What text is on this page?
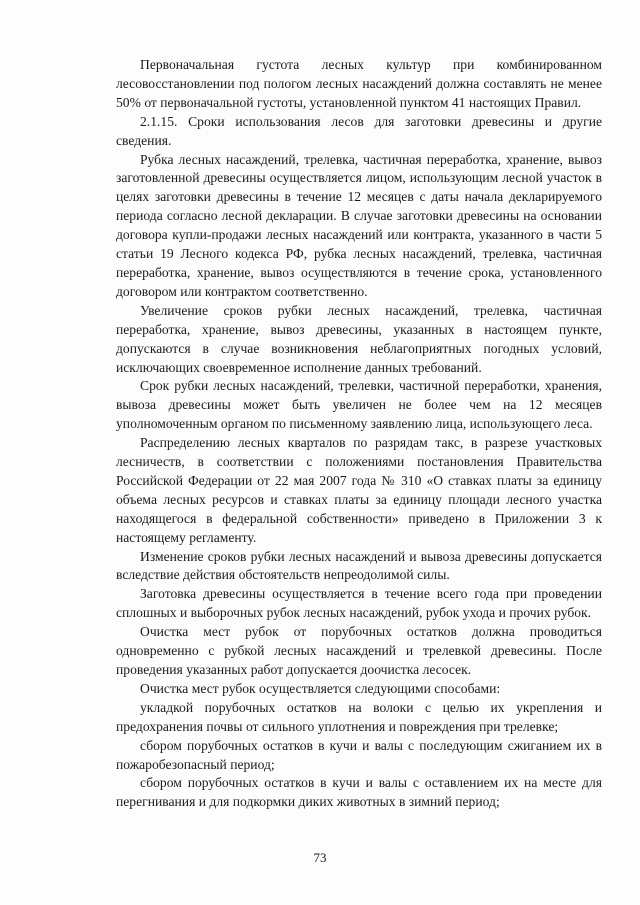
Первоначальная густота лесных культур при комбинированном лесовосстановлении под пологом лесных насаждений должна составлять не менее 50% от первоначальной густоты, установленной пунктом 41 настоящих Правил.

2.1.15. Сроки использования лесов для заготовки древесины и другие сведения.

Рубка лесных насаждений, трелевка, частичная переработка, хранение, вывоз заготовленной древесины осуществляется лицом, использующим лесной участок в целях заготовки древесины в течение 12 месяцев с даты начала декларируемого периода согласно лесной декларации. В случае заготовки древесины на основании договора купли-продажи лесных насаждений или контракта, указанного в части 5 статьи 19 Лесного кодекса РФ, рубка лесных насаждений, трелевка, частичная переработка, хранение, вывоз осуществляются в течение срока, установленного договором или контрактом соответственно.

Увеличение сроков рубки лесных насаждений, трелевка, частичная переработка, хранение, вывоз древесины, указанных в настоящем пункте, допускаются в случае возникновения неблагоприятных погодных условий, исключающих своевременное исполнение данных требований.

Срок рубки лесных насаждений, трелевки, частичной переработки, хранения, вывоза древесины может быть увеличен не более чем на 12 месяцев уполномоченным органом по письменному заявлению лица, использующего леса.

Распределению лесных кварталов по разрядам такс, в разрезе участковых лесничеств, в соответствии с положениями постановления Правительства Российской Федерации от 22 мая 2007 года № 310 «О ставках платы за единицу объема лесных ресурсов и ставках платы за единицу площади лесного участка находящегося в федеральной собственности» приведено в Приложении 3 к настоящему регламенту.

Изменение сроков рубки лесных насаждений и вывоза древесины допускается вследствие действия обстоятельств непреодолимой силы.

Заготовка древесины осуществляется в течение всего года при проведении сплошных и выборочных рубок лесных насаждений, рубок ухода и прочих рубок.

Очистка мест рубок от порубочных остатков должна проводиться одновременно с рубкой лесных насаждений и трелевкой древесины. После проведения указанных работ допускается доочистка лесосек.

Очистка мест рубок осуществляется следующими способами:

укладкой порубочных остатков на волоки с целью их укрепления и предохранения почвы от сильного уплотнения и повреждения при трелевке;

сбором порубочных остатков в кучи и валы с последующим сжиганием их в пожаробезопасный период;

сбором порубочных остатков в кучи и валы с оставлением их на месте для перегнивания и для подкормки диких животных в зимний период;

73
